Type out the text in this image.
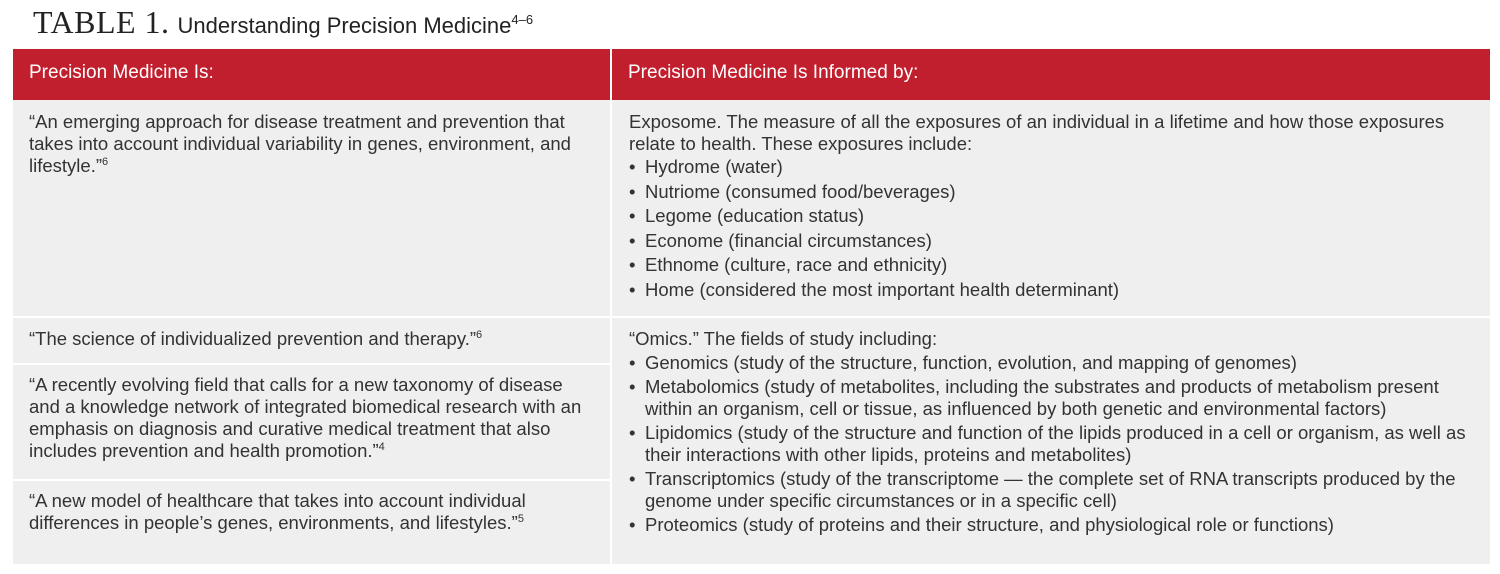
TABLE 1. Understanding Precision Medicine$^{4-6}$
Precision Medicine Is:	Precision Medicine Is Informed by:
“An emerging approach for disease treatment and prevention that takes into account individual variability in genes, environment, and lifestyle.”$^6$
“The science of individualized prevention and therapy.”$^6$
“A recently evolving field that calls for a new taxonomy of disease and a knowledge network of integrated biomedical research with an emphasis on diagnosis and curative medical treatment that also includes prevention and health promotion.”$^4$
“A new model of healthcare that takes into account individual differences in people’s genes, environments, and lifestyles.”$^5$
Exposome. The measure of all the exposures of an individual in a lifetime and how those exposures relate to health. These exposures include:
• Hydrome (water)
• Nutriome (consumed food/beverages)
• Legome (education status)
• Econome (financial circumstances)
• Ethnome (culture, race and ethnicity)
• Home (considered the most important health determinant)
“Omics.” The fields of study including:
• Genomics (study of the structure, function, evolution, and mapping of genomes)
• Metabolomics (study of metabolites, including the substrates and products of metabolism present within an organism, cell or tissue, as influenced by both genetic and environmental factors)
• Lipidomics (study of the structure and function of the lipids produced in a cell or organism, as well as their interactions with other lipids, proteins and metabolites)
• Transcriptomics (study of the transcriptome — the complete set of RNA transcripts produced by the genome under specific circumstances or in a specific cell)
• Proteomics (study of proteins and their structure, and physiological role or functions)
